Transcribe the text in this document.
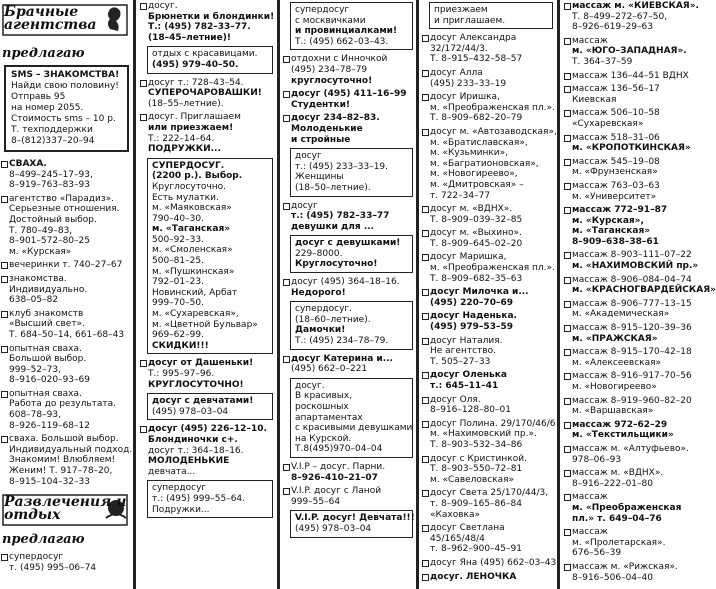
Брачные агентства
предлагаю
SMS – ЗНАКОМСТВА!
Найди свою половину!
Отправь 95
на номер 2055.
Стоимость sms – 10 р.
Т. техподдержки
8–(812)337–20–94
СВАХА.
8–499–245–17–93,
8–919–763–83–93
агентство «Парадиз».
Серьезные отношения.
Достойный выбор.
Т. 780–49–83,
8–901–572–80–25
м. «Курская»
вечеринки т. 740–27–67
знакомства.
Индивидуально.
638–05–82
клуб знакомств
«Высший свет».
Т. 684–50–14, 661–68–43
опытная сваха.
Большой выбор.
999–52–73,
8–916–020–93–69
опытная сваха.
Работа до результата.
608–78–93,
8–926–119–68–12
сваха. Большой выбор.
Индивидуальный подход.
Знакомим! Влюбляем!
Женим! Т. 917–78–20,
8–915–104–32–33
Развлечения и отдых
предлагаю
супердосуг
т. (495) 995–06–74
досуг.
Брюнетки и блондинки!
Т.: (495) 782–33–77.
(18–45–летние)!
отдых с красавицами.
(495) 979–40–50.
досуг т.: 728–43–54.
СУПЕРОЧАРОВАШКИ!
(18–55–летние).
досуг. Приглашаем
или приезжаем!
Т.: 222–14–64.
ПОДРУЖКИ...
СУПЕРДОСУГ.
(2200 р.). Выбор.
Круглосуточно.
Есть мулатки.
м. «Маяковская»
790–40–30.
м. «Таганская»
500–92–33.
м. «Смоленская»
500–81–25.
м. «Пушкинская»
792–01–23.
Новинский, Арбат
999–70–50.
м. «Сухаревская»,
м. «Цветной Бульвар»
969–62–99.
СКИДКИ!!!
досуг от Дашеньки!
Т.: 995–97–96.
КРУГЛОСУТОЧНО!
досуг с девчатами!
(495) 978–03–04
досуг (495) 226–12–10.
Блондиночки с+.
досуг т.: 364–18–16.
МОЛОДЕНЬКИЕ
девчата...
супердосуг
т.: (495) 999–55–64.
Подружки...
супердосуг
с москвичками
и провинциалками!
Т.: (495) 662–03–43.
отдохни с Инночкой
(495) 234–78–79
круглосуточно!
досуг (495) 411–16–99
Студентки!
досуг 234–82–83.
Молоденькие
и стройные
досуг
т.: (495) 233–33–19.
Женщины
(18–50–летние).
досуг
т.: (495) 782–33–77
девушки для ...
досуг с девушками!
229–8000.
Круглосуточно!
досуг (495) 364–18–16.
Недорого!
супердосуг.
(18–60–летние).
Дамочки!
Т.: (495) 234–78–79.
досуг Катерина и...
(495) 662–0–221
досуг.
В красивых,
роскошных
апартаментах
с красивыми девушками
на Курской.
Т.8(495)970–04–04
V.I.P – досуг. Парни.
8–926–410–21–07
V.I.P. досуг с Ланой
999–55–64
V.I.P. досуг! Девчата!!!
(495) 978–03–04
приезжаем
и приглашаем.
досуг Александра
32/172/44/3.
Т. 8–915–432–58–57
досуг Алла
(495) 233–33–19
досуг Иришка,
м. «Преображенская пл.».
Т. 8–909–682–20–79
досуг м. «Автозаводская»,
м. «Братиславская»,
м. «Кузьминки»,
м. «Багратионовская»,
м. «Новогиреево»,
м. «Дмитровская» –
т. 722–34–77
досуг м. «ВДНХ».
Т. 8–909–039–32–85
досуг м. «Выхино».
Т. 8–909–645–02–20
досуг Маришка,
м. «Преображенская пл.».
Т. 8–909–682–35–63
досуг Милочка и...
(495) 220–70–69
досуг Наденька.
(495) 979–53–59
досуг Наталия.
Не агентство.
Т. 505–27–33
досуг Оленька
т.: 645–11–41
досуг Оля.
8–916–128–80–01
досуг Полина. 29/170/46/6
м. «Нахимовский пр.».
Т. 8–903–532–34–86
досуг с Кристинкой.
Т. 8–903–550–72–81
м. «Савеловская»
досуг Света 25/170/44/3,
т. 8–909–165–86–84
«Каховка»
досуг Светлана
45/165/48/4
т. 8–962–900–45–91
досуг Яна (495) 662–03–43
досуг. ЛЕНОЧКА
массаж м. «КИЕВСКАЯ».
Т. 8–499–272–67–50,
8–926–619–29–63
массаж
м. «ЮГО–ЗАПАДНАЯ».
Т. 364–37–59
массаж 136–44–51 ВДНХ
массаж 136–56–17
Киевская
массаж 506–10–58
«Сухаревская»
массаж 518–31–06
м. «КРОПОТКИНСКАЯ»
массаж 545–19–08
м. «Фрунзенская»
массаж 763–03–63
м. «Университет»
массаж 772–91–87
м. «Курская»,
м. «Таганская»
8–909–638–38–61
массаж 8–903–111–07–22
м. «НАХИМОВСКИЙ пр.»
массаж 8–906–084–04–74
м. «КРАСНОГВАРДЕЙСКАЯ»
массаж 8–906–777–13–15
м. «Академическая»
массаж 8–915–120–39–36
м. «ПРАЖСКАЯ»
массаж 8–915–170–42–18
м. «Алексеевская»
массаж 8–916–917–70–56
м. «Новогиреево»
массаж 8–919–960–82–20
м. «Варшавская»
массаж 972–62–29
м. «Текстильщики»
массаж м. «Алтуфьево».
978–06–93
массаж м. «ВДНХ».
8–916–222–01–80
массаж
м. «Преображенская
пл.» т. 649–04–76
массаж
м. «Пролетарская».
676–56–39
массаж м. «Рижская».
8–916–506–04–40
